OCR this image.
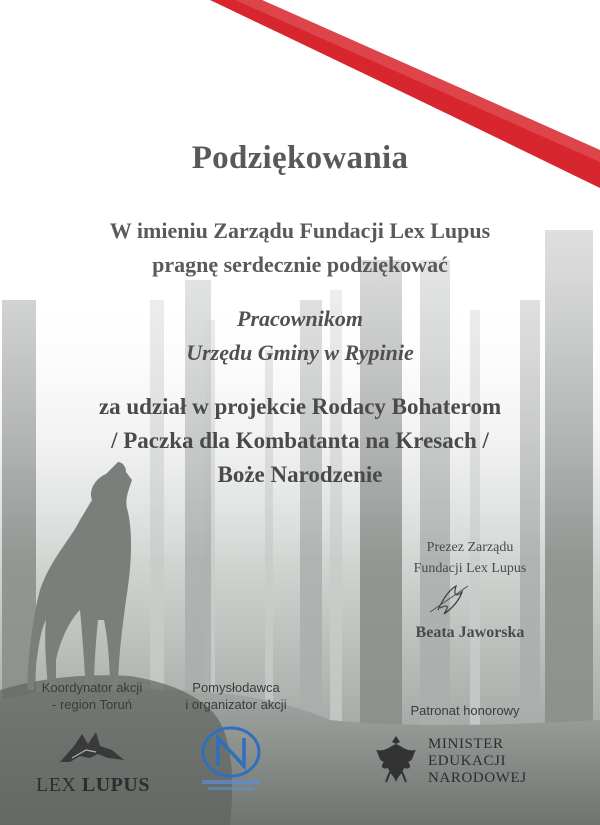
Podziękowania
W imieniu Zarządu Fundacji Lex Lupus
pragnę serdecznie podziękować
Pracownikom
Urzędu Gminy w Rypinie
za udział w projekcie Rodacy Bohaterom
/ Paczka dla Kombatanta na Kresach /
Boże Narodzenie
Prezez Zarządu
Fundacji Lex Lupus
Beata Jaworska
Koordynator akcji
- region Toruń
Pomysłodawca
i organizator akcji	Patronat honorowy
LEX LUPUS
MINISTER
EDUKACJI
NARODOWEJ
